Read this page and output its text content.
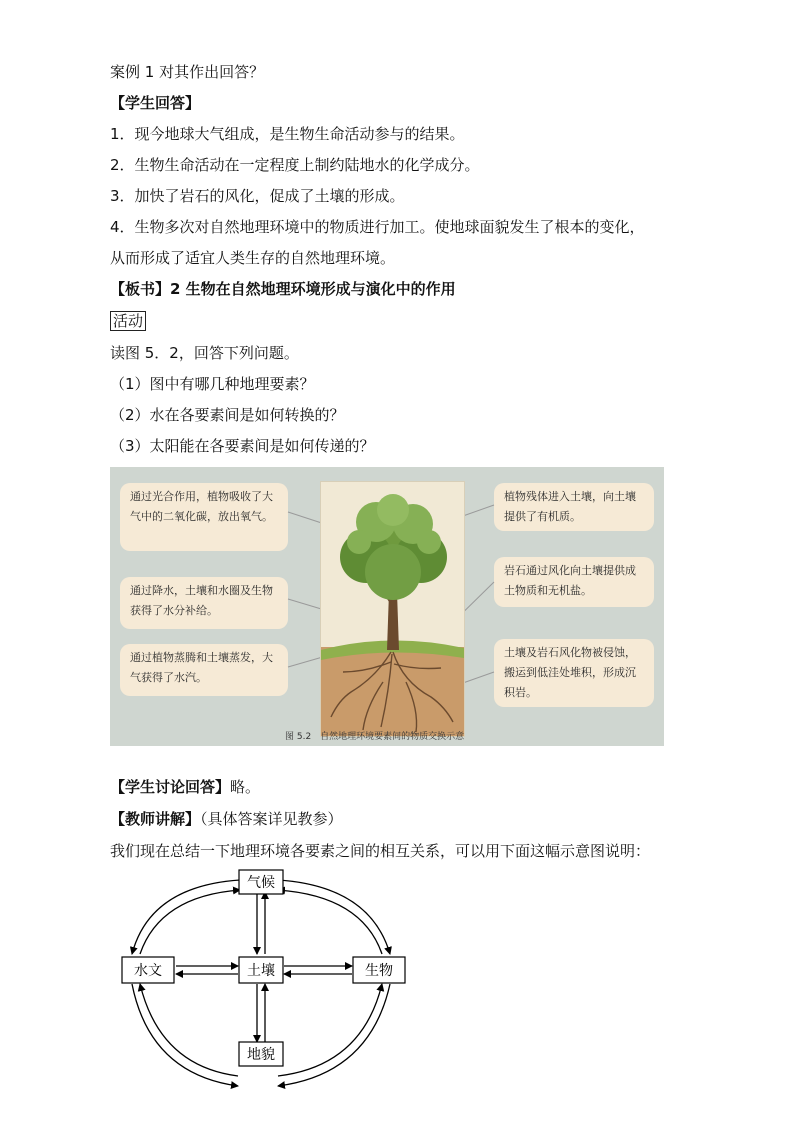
案例 1 对其作出回答？
【学生回答】
1．现今地球大气组成，是生物生命活动参与的结果。
2．生物生命活动在一定程度上制约陆地水的化学成分。
3．加快了岩石的风化，促成了土壤的形成。
4．生物多次对自然地理环境中的物质进行加工。使地球面貌发生了根本的变化，
从而形成了适宜人类生存的自然地理环境。
【板书】2 生物在自然地理环境形成与演化中的作用
活动
读图 5．2，回答下列问题。
（1）图中有哪几种地理要素？
（2）水在各要素间是如何转换的？
（3）太阳能在各要素间是如何传递的？
通过光合作用，植物吸收了大气中的二氧化碳，放出氧气。
通过降水，土壤和水圈及生物获得了水分补给。
通过植物蒸腾和土壤蒸发，大气获得了水汽。
植物残体进入土壤，向土壤提供了有机质。
岩石通过风化向土壤提供成土物质和无机盐。
土壤及岩石风化物被侵蚀，搬运到低洼处堆积，形成沉积岩。
图 5.2　自然地理环境要素间的物质交换示意
【学生讨论回答】略。
【教师讲解】（具体答案详见教参）
我们现在总结一下地理环境各要素之间的相互关系，可以用下面这幅示意图说明：
气候
水文	土壤	生物
地貌
